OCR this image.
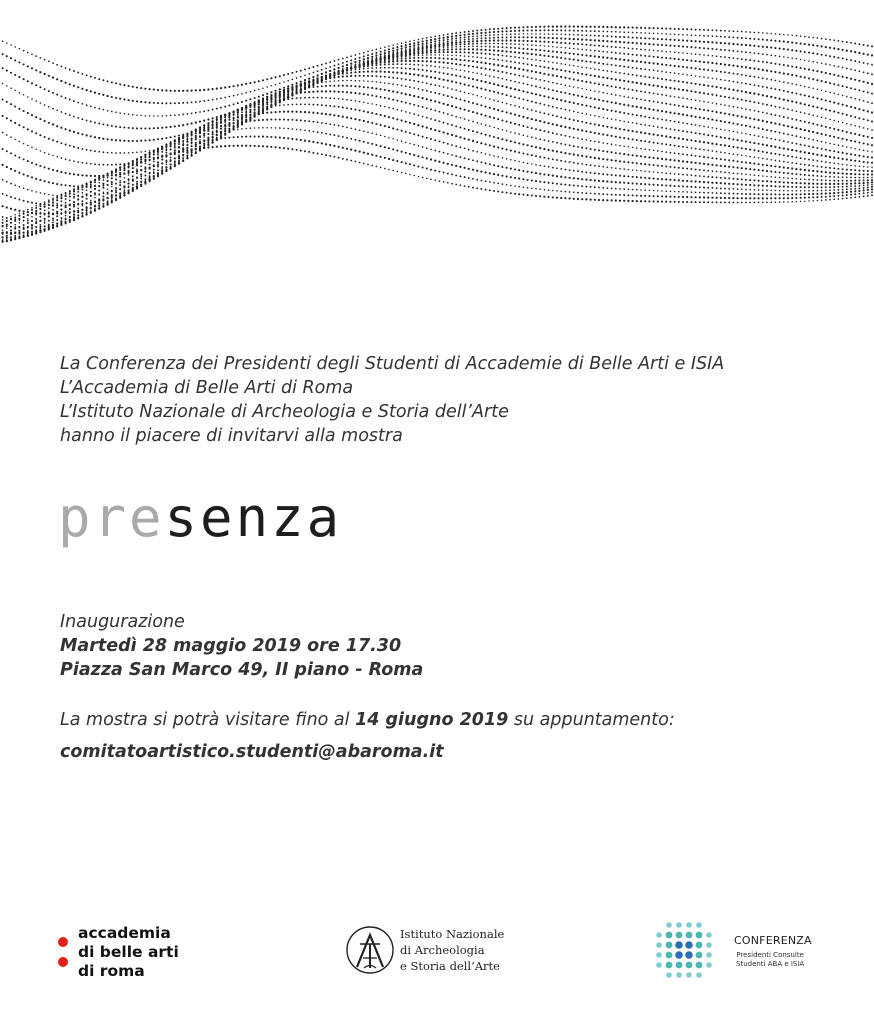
La Conferenza dei Presidenti degli Studenti di Accademie di Belle Arti e ISIA
L’Accademia di Belle Arti di Roma
L’Istituto Nazionale di Archeologia e Storia dell’Arte
hanno il piacere di invitarvi alla mostra
presenza
Inaugurazione
Martedì 28 maggio 2019 ore 17.30
Piazza San Marco 49, II piano - Roma
La mostra si potrà visitare fino al 14 giugno 2019 su appuntamento:
comitatoartistico.studenti@abaroma.it
accademia
di belle arti
di roma
Istituto Nazionale
di Archeologia
e Storia dell’Arte
CONFERENZA
Presidenti Consulte
Studenti ABA e ISIA
